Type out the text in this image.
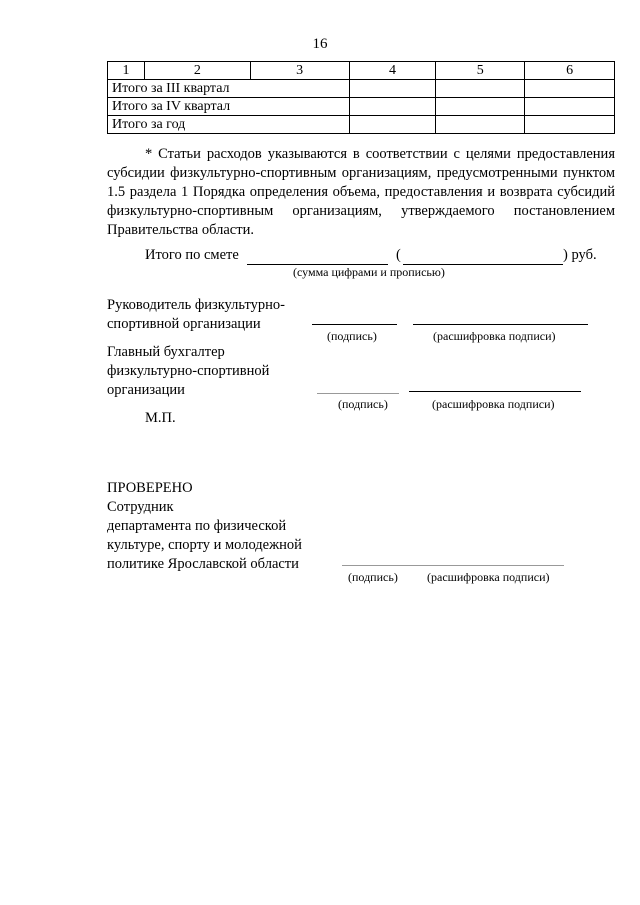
16
1	2	3	4	5	6
Итого за III квартал					
Итого за IV квартал					
Итого за год					
* Статьи расходов указываются в соответствии с целями предоставления субсидии физкультурно-спортивным организациям, предусмотренными пунктом 1.5 раздела 1 Порядка определения объема, предоставления и возврата субсидий физкультурно-спортивным организациям, утверждаемого постановлением Правительства области.
Итого по смете	(	) руб.
(сумма цифрами и прописью)
Руководитель физкультурно-
спортивной организации
(подпись)	(расшифровка подписи)
Главный бухгалтер
физкультурно-спортивной
организации
(подпись)	(расшифровка подписи)
М.П.
ПРОВЕРЕНО
Сотрудник
департамента по физической
культуре, спорту и молодежной
политике Ярославской области
(подпись) (расшифровка подписи)
